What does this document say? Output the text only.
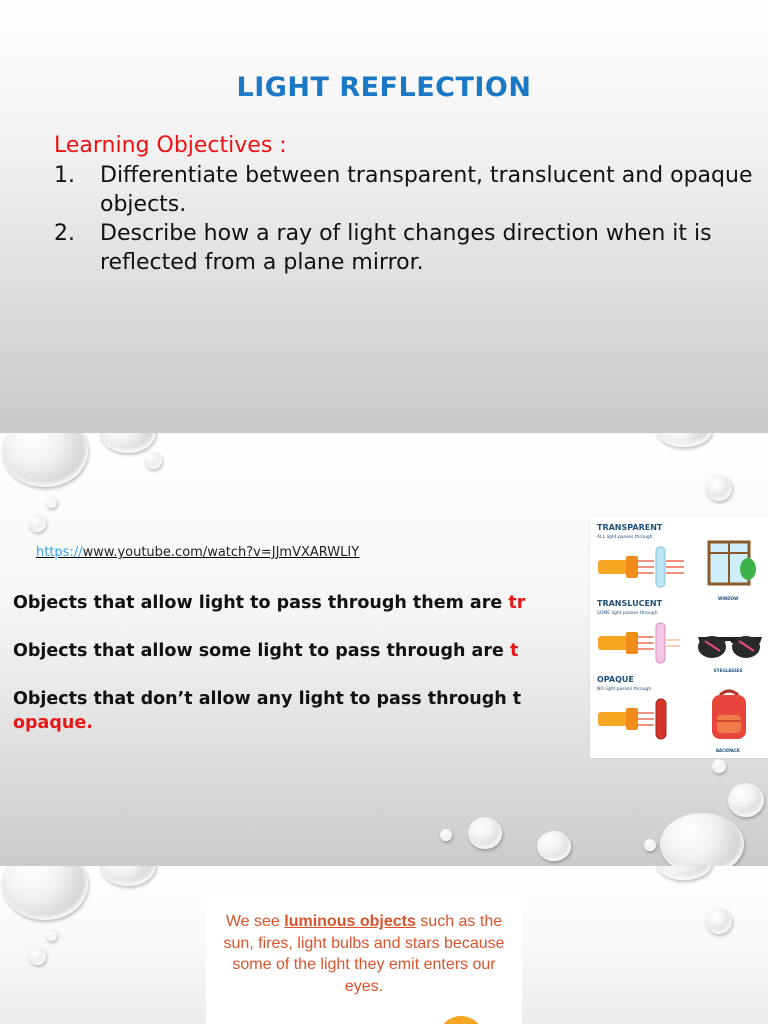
LIGHT REFLECTION
Learning Objectives :
1.	Differentiate between transparent, translucent and opaque objects.
2.	Describe how a ray of light changes direction when it is reflected from a plane mirror.
https://www.youtube.com/watch?v=JJmVXARWLIY
Objects that allow light to pass through them are tr
Objects that allow some light to pass through are t
Objects that don’t allow any light to pass through t
opaque.
TRANSPARENT
ALL light passes through
WINDOW
TRANSLUCENT
SOME light passes through
EYEGLASSES
OPAQUE
NO light passes through
BACKPACK

We see luminous objects such as the sun, fires, light bulbs and stars because some of the light they emit enters our eyes.
